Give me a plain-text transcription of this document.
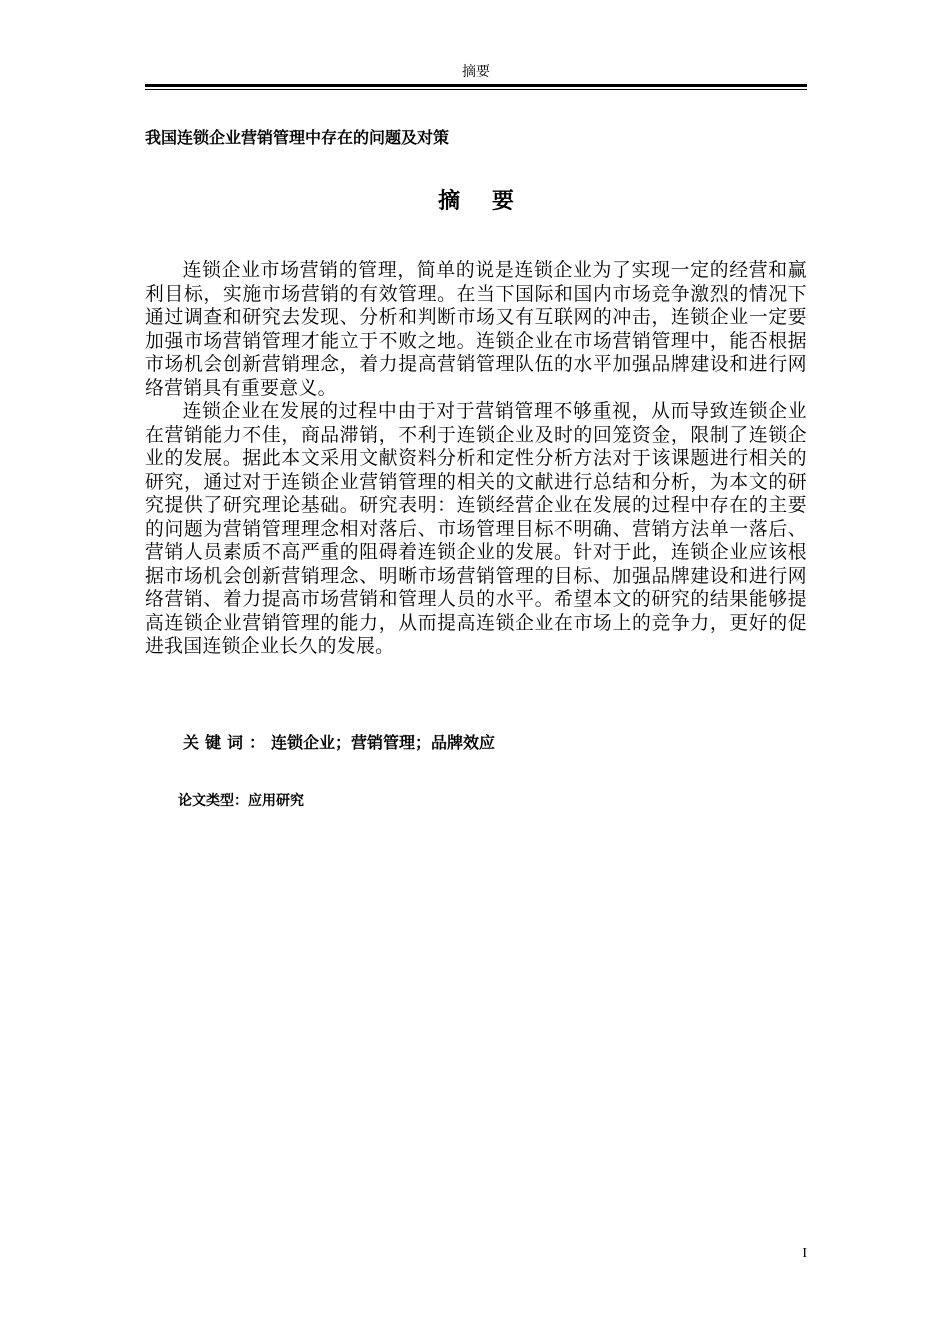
摘要
我国连锁企业营销管理中存在的问题及对策
摘 要

连锁企业市场营销的管理，简单的说是连锁企业为了实现一定的经营和赢利目标，实施市场营销的有效管理。在当下国际和国内市场竞争激烈的情况下通过调查和研究去发现、分析和判断市场又有互联网的冲击，连锁企业一定要加强市场营销管理才能立于不败之地。连锁企业在市场营销管理中，能否根据市场机会创新营销理念，着力提高营销管理队伍的水平加强品牌建设和进行网络营销具有重要意义。

连锁企业在发展的过程中由于对于营销管理不够重视，从而导致连锁企业在营销能力不佳，商品滞销，不利于连锁企业及时的回笼资金，限制了连锁企业的发展。据此本文采用文献资料分析和定性分析方法对于该课题进行相关的研究，通过对于连锁企业营销管理的相关的文献进行总结和分析，为本文的研究提供了研究理论基础。研究表明：连锁经营企业在发展的过程中存在的主要的问题为营销管理理念相对落后、市场管理目标不明确、营销方法单一落后、营销人员素质不高严重的阻碍着连锁企业的发展。针对于此，连锁企业应该根据市场机会创新营销理念、明晰市场营销管理的目标、加强品牌建设和进行网络营销、着力提高市场营销和管理人员的水平。希望本文的研究的结果能够提高连锁企业营销管理的能力，从而提高连锁企业在市场上的竞争力，更好的促进我国连锁企业长久的发展。

关键词：连锁企业；营销管理；品牌效应
论文类型：应用研究
I
